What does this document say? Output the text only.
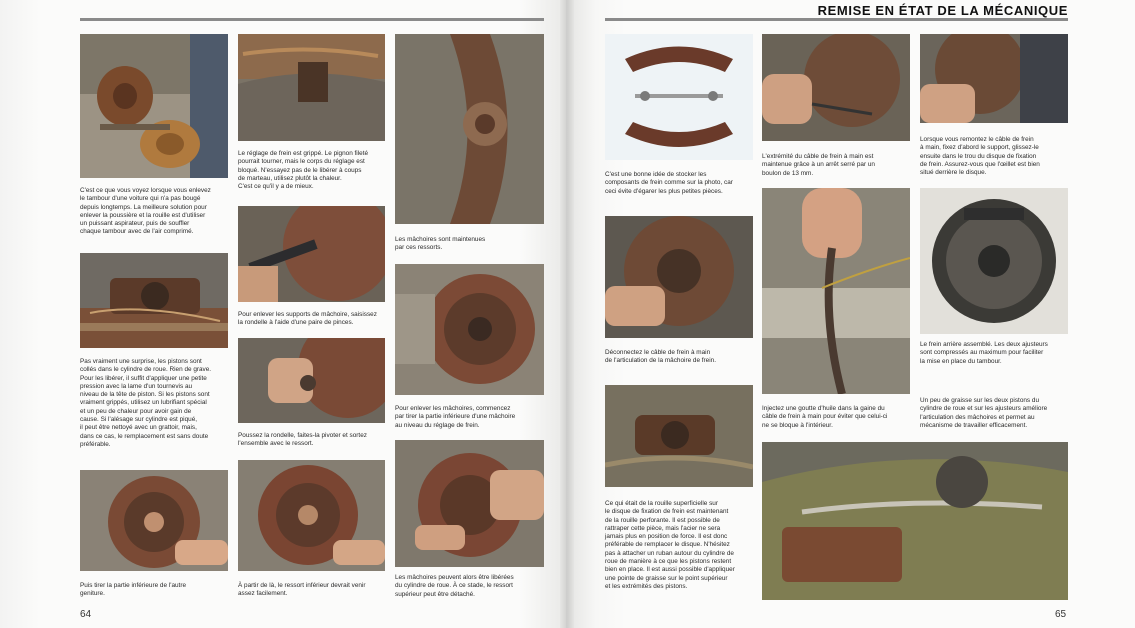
REMISE EN ÉTAT DE LA MÉCANIQUE
C'est ce que vous voyez lorsque vous enlevez
le tambour d'une voiture qui n'a pas bougé
depuis longtemps. La meilleure solution pour
enlever la poussière et la rouille est d'utiliser
un puissant aspirateur, puis de souffler
chaque tambour avec de l'air comprimé.
Pas vraiment une surprise, les pistons sont
collés dans le cylindre de roue. Rien de grave.
Pour les libérer, il suffit d'appliquer une petite
pression avec la lame d'un tournevis au
niveau de la tête de piston. Si les pistons sont
vraiment grippés, utilisez un lubrifiant spécial
et un peu de chaleur pour avoir gain de
cause. Si l'alésage sur cylindre est piqué,
il peut être nettoyé avec un grattoir, mais,
dans ce cas, le remplacement est sans doute
préférable.
Puis tirer la partie inférieure de l'autre
geniture.
Le réglage de frein est grippé. Le pignon fileté
pourrait tourner, mais le corps du réglage est
bloqué. N'essayez pas de le libérer à coups
de marteau, utilisez plutôt la chaleur.
C'est ce qu'il y a de mieux.
Pour enlever les supports de mâchoire, saisissez
la rondelle à l'aide d'une paire de pinces.
Poussez la rondelle, faites-la pivoter et sortez
l'ensemble avec le ressort.
À partir de là, le ressort inférieur devrait venir
assez facilement.
Les mâchoires sont maintenues
par ces ressorts.
Pour enlever les mâchoires, commencez
par tirer la partie inférieure d'une mâchoire
au niveau du réglage de frein.
Les mâchoires peuvent alors être libérées
du cylindre de roue. À ce stade, le ressort
supérieur peut être détaché.
C'est une bonne idée de stocker les
composants de frein comme sur la photo, car
ceci évite d'égarer les plus petites pièces.
Déconnectez le câble de frein à main
de l'articulation de la mâchoire de frein.
Ce qui était de la rouille superficielle sur
le disque de fixation de frein est maintenant
de la rouille perforante. Il est possible de
rattraper cette pièce, mais l'acier ne sera
jamais plus en position de force. Il est donc
préférable de remplacer le disque. N'hésitez
pas à attacher un ruban autour du cylindre de
roue de manière à ce que les pistons restent
bien en place. Il est aussi possible d'appliquer
une pointe de graisse sur le point supérieur
et les extrémités des pistons.
L'extrémité du câble de frein à main est
maintenue grâce à un arrêt serré par un
boulon de 13 mm.
Injectez une goutte d'huile dans la gaine du
câble de frein à main pour éviter que celui-ci
ne se bloque à l'intérieur.
Lorsque vous remontez le câble de frein
à main, fixez d'abord le support, glissez-le
ensuite dans le trou du disque de fixation
de frein. Assurez-vous que l'œillet est bien
situé derrière le disque.
Le frein arrière assemblé. Les deux ajusteurs
sont compressés au maximum pour faciliter
la mise en place du tambour.
Un peu de graisse sur les deux pistons du
cylindre de roue et sur les ajusteurs améliore
l'articulation des mâchoires et permet au
mécanisme de travailler efficacement.
64	65
